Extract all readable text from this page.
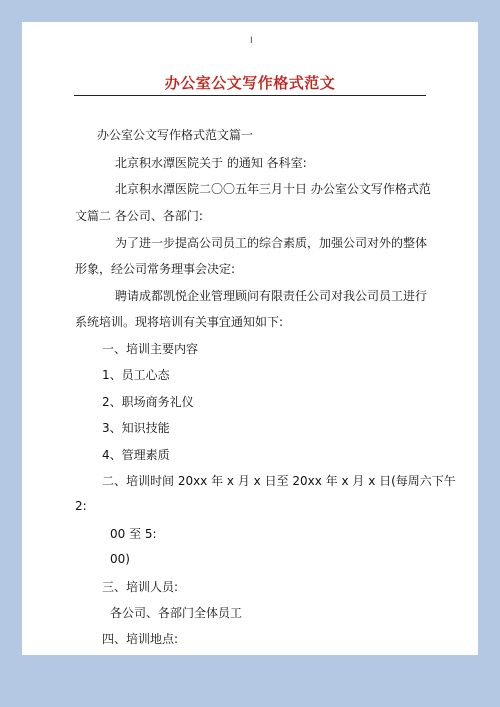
I
办公室公文写作格式范文
办公室公文写作格式范文篇一
北京积水潭医院关于 的通知 各科室:
北京积水潭医院二〇〇五年三月十日 办公室公文写作格式范
文篇二 各公司、各部门:
为了进一步提高公司员工的综合素质，加强公司对外的整体
形象，经公司常务理事会决定:
聘请成都凯悦企业管理顾问有限责任公司对我公司员工进行
系统培训。现将培训有关事宜通知如下:
一、培训主要内容
1、员工心态
2、职场商务礼仪
3、知识技能
4、管理素质
二、培训时间 20xx 年 x 月 x 日至 20xx 年 x 月 x 日(每周六下午
2:
00 至 5:
00)
三、培训人员:
各公司、各部门全体员工
四、培训地点:
